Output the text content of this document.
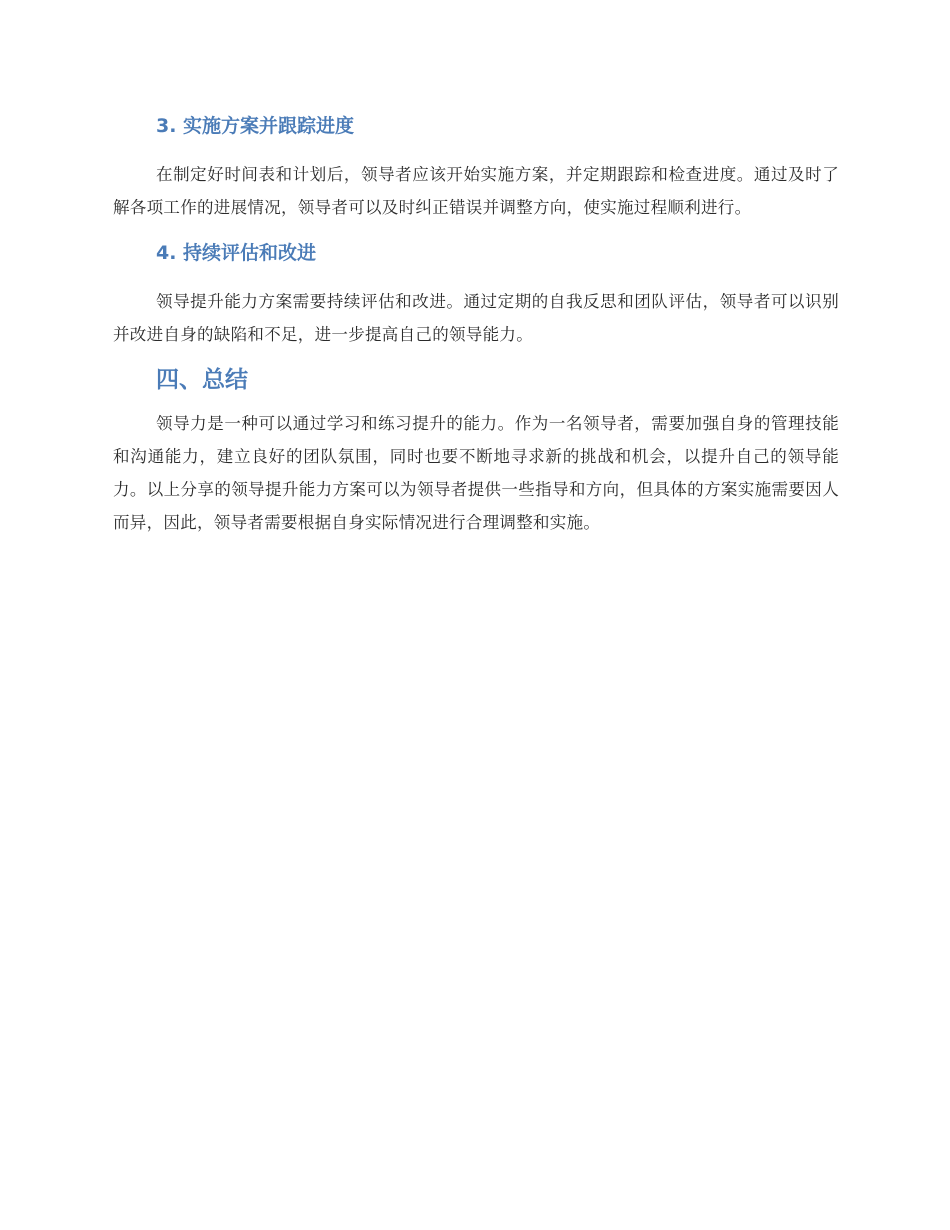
3. 实施方案并跟踪进度

在制定好时间表和计划后，领导者应该开始实施方案，并定期跟踪和检查进度。通过及时了解各项工作的进展情况，领导者可以及时纠正错误并调整方向，使实施过程顺利进行。

4. 持续评估和改进

领导提升能力方案需要持续评估和改进。通过定期的自我反思和团队评估，领导者可以识别并改进自身的缺陷和不足，进一步提高自己的领导能力。

四、总结

领导力是一种可以通过学习和练习提升的能力。作为一名领导者，需要加强自身的管理技能和沟通能力，建立良好的团队氛围，同时也要不断地寻求新的挑战和机会，以提升自己的领导能力。以上分享的领导提升能力方案可以为领导者提供一些指导和方向，但具体的方案实施需要因人而异，因此，领导者需要根据自身实际情况进行合理调整和实施。
